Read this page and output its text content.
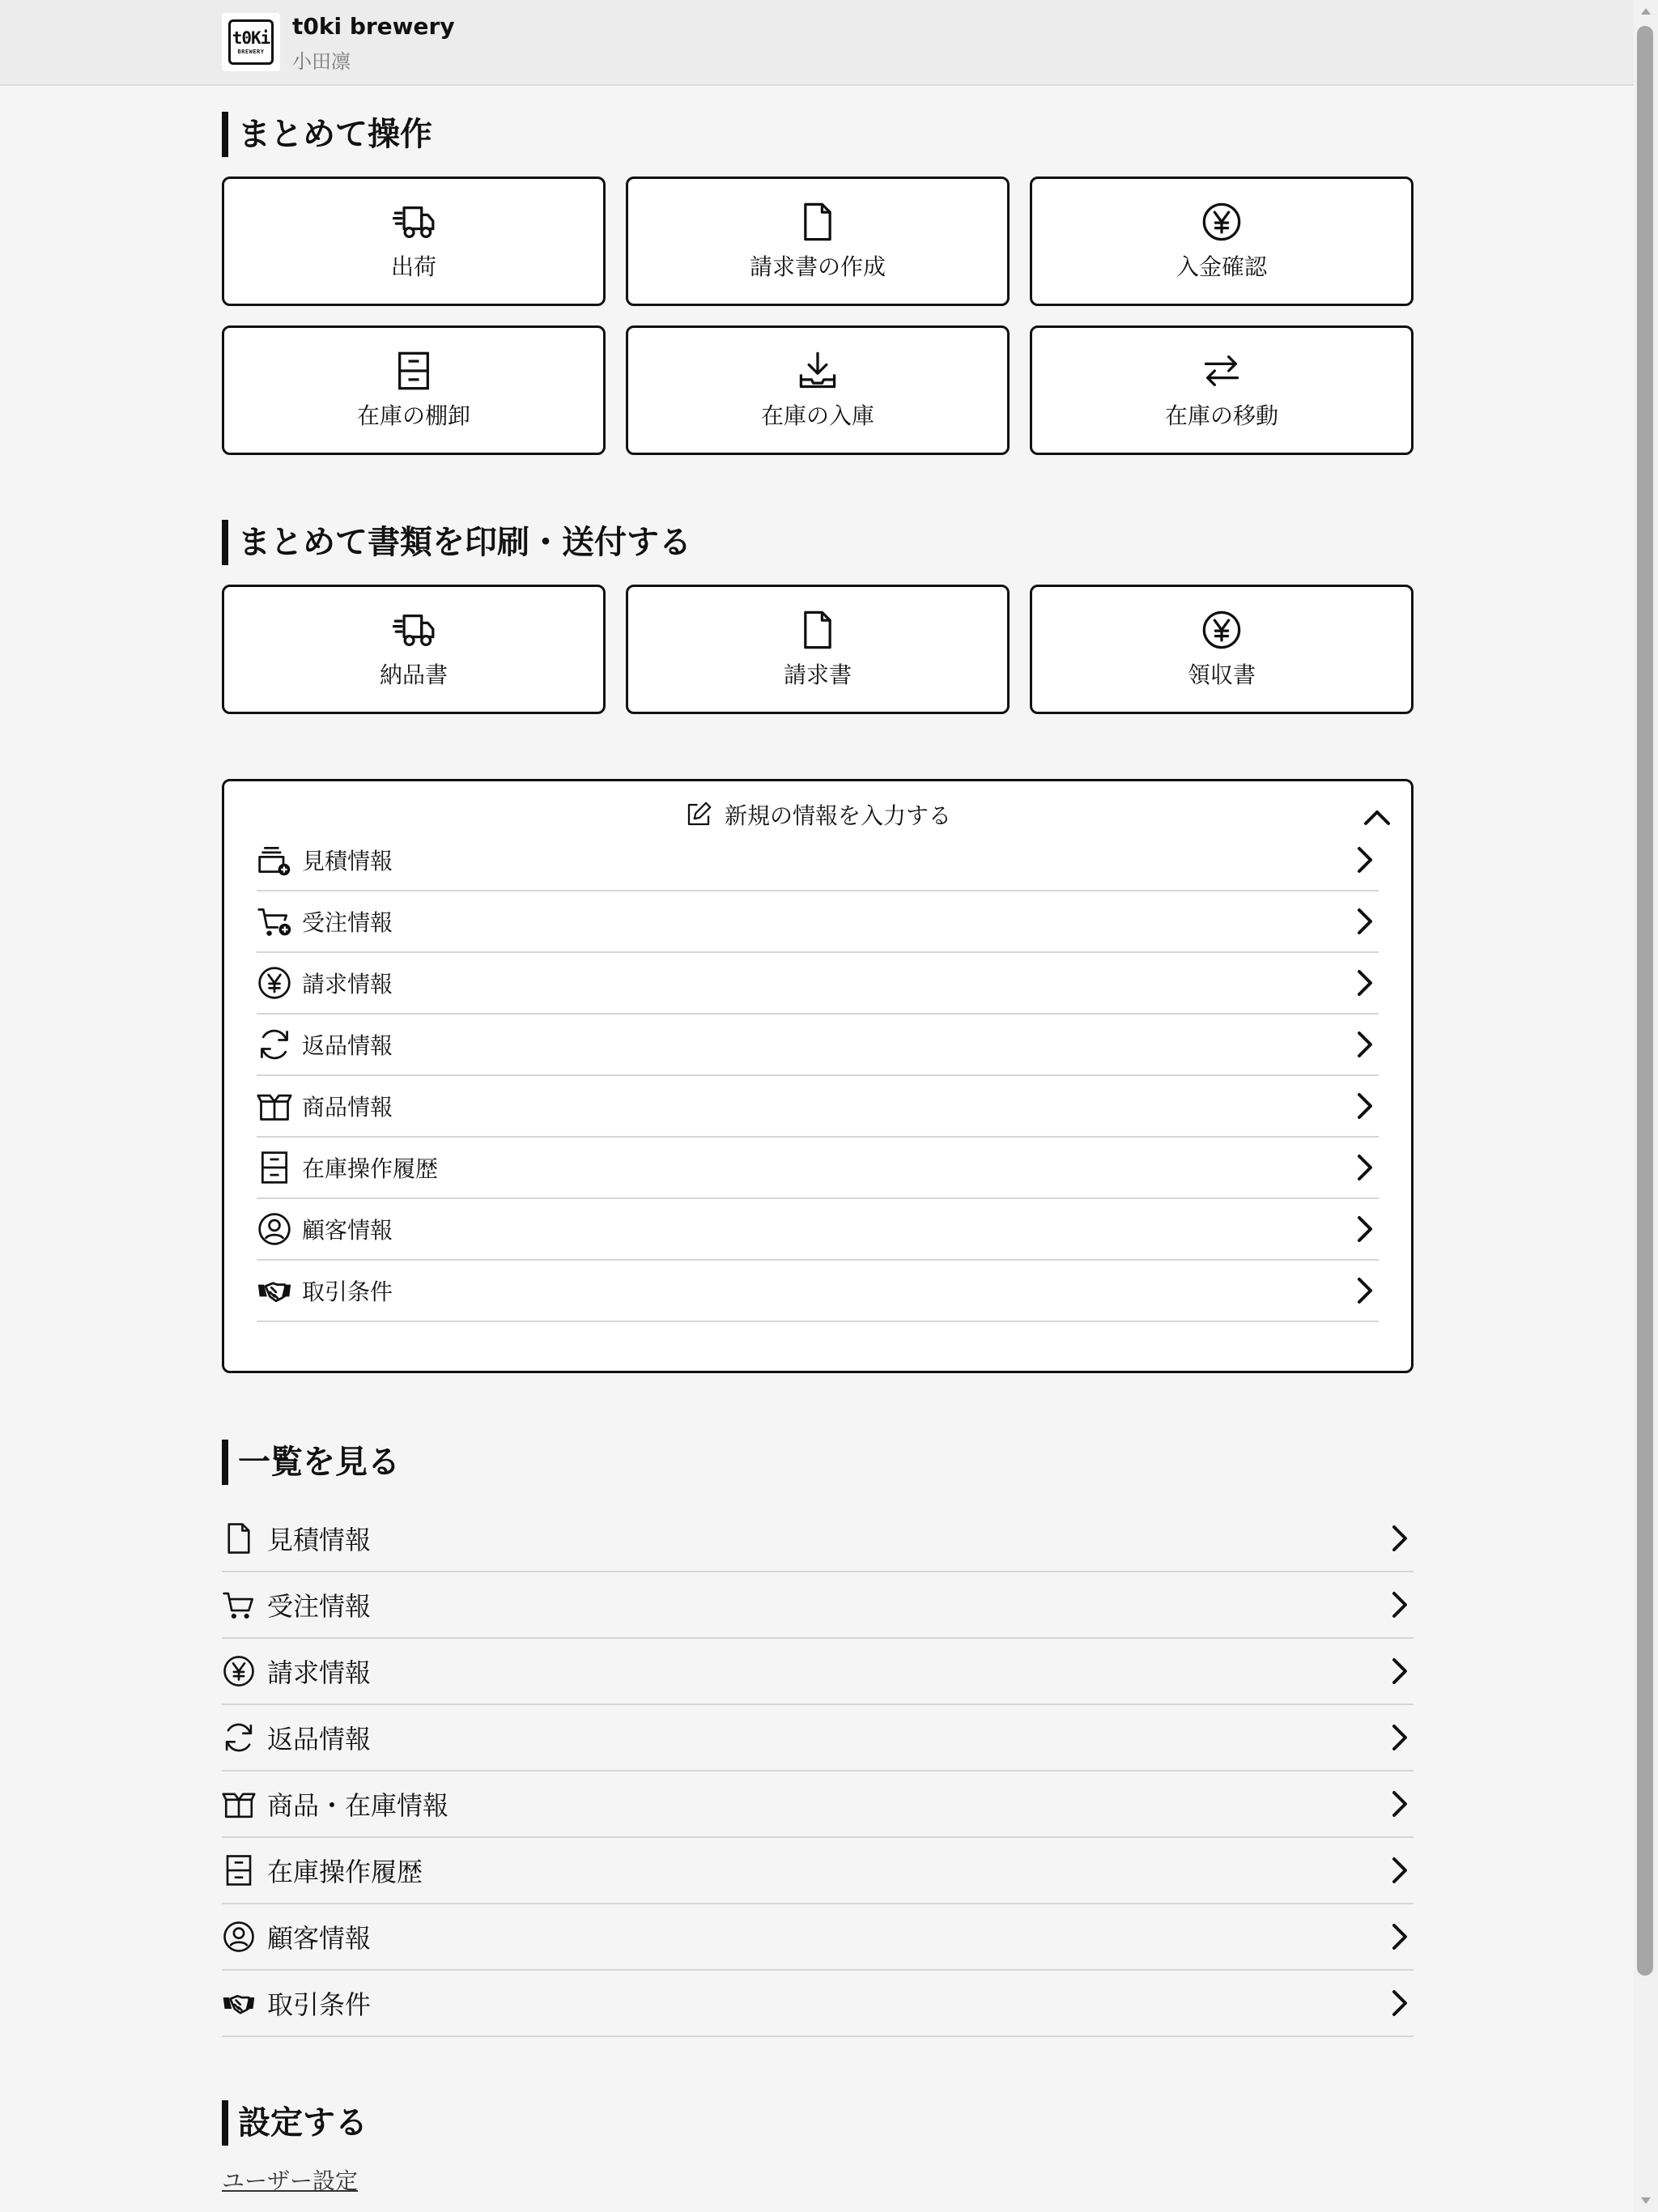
t0Ki
BREWERY
t0ki brewery
小田凛
まとめて操作
出荷	請求書の作成	入金確認
在庫の棚卸	在庫の入庫	在庫の移動
まとめて書類を印刷・送付する
納品書	請求書	領収書
新規の情報を入力する
見積情報
受注情報
請求情報
返品情報
商品情報
在庫操作履歴
顧客情報
取引条件
一覧を見る
見積情報
受注情報
請求情報
返品情報
商品・在庫情報
在庫操作履歴
顧客情報
取引条件
設定する
ユーザー設定
